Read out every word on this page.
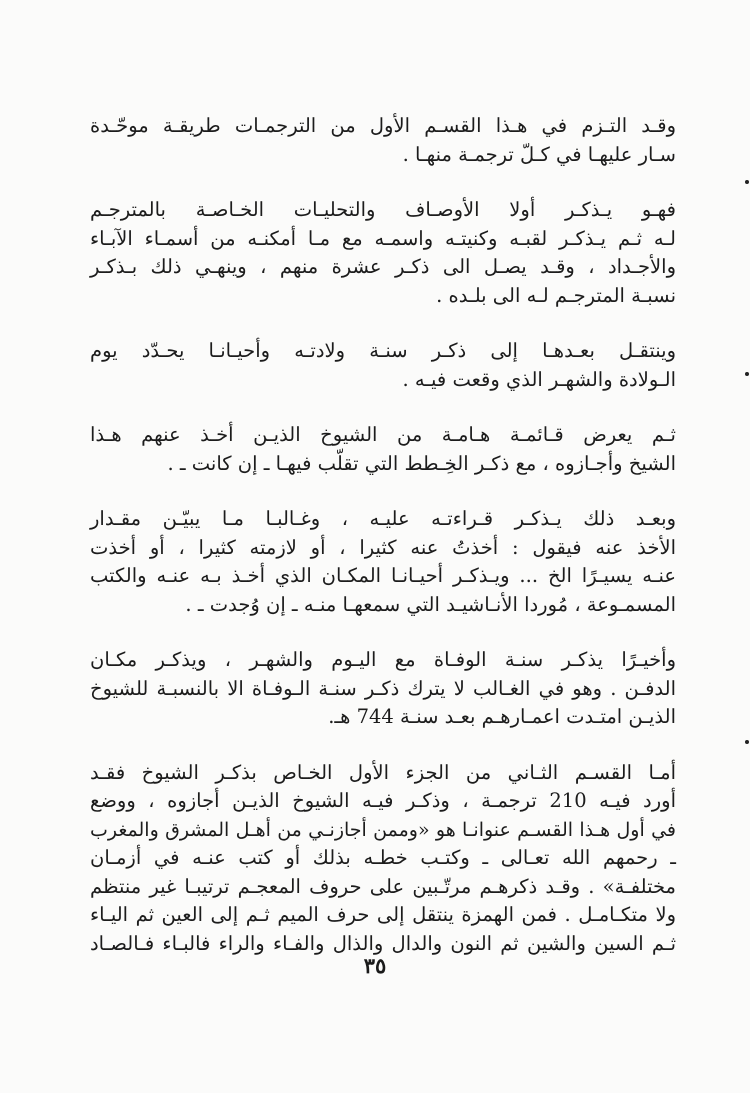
وقـد التـزم في هـذا القسـم الأول من الترجمـات طريقـة موحّـدة
سـار عليهـا في كـلّ ترجمـة منهـا .
فهـو يـذكـر أولا الأوصـاف والتحليـات الخـاصـة بالمترجـم
لـه ثـم يـذكـر لقبـه وكنيتـه واسمـه مع مـا أمكنـه من أسمـاء الآبـاء
والأجـداد ، وقـد يصـل الى ذكـر عشرة منهم ، وينهـي ذلك بـذكـر
نسبـة المترجـم لـه الى بلـده .
وينتقـل بعـدهـا إلى ذكـر سنـة ولادتـه وأحيـانـا يحـدّد يوم
الـولادة والشهـر الذي وقعت فيـه .
ثـم يعرض قـائمـة هـامـة من الشيوخ الذيـن أخـذ عنهم هـذا
الشيخ وأجـازوه ، مع ذكـر الخِـطط التي تقلّب فيهـا ـ إن كانت ـ .
وبعـد ذلك يـذكـر قـراءتـه عليـه ، وغـالبـا مـا يبيّـن مقـدار
الأخذ عنه فيقول : أخذتُ عنه كثيرا ، أو لازمته كثيرا ، أو أخذت
عنـه يسيـرًا الخ ... ويـذكـر أحيـانـا المكـان الذي أخـذ بـه عنـه والكتب
المسمـوعة ، مُوردا الأنـاشيـد التي سمعهـا منـه ـ إن وُجدت ـ .
وأخيـرًا يذكـر سنـة الوفـاة مع اليـوم والشهـر ، ويذكـر مكـان
الدفـن . وهو في الغـالب لا يترك ذكـر سنـة الـوفـاة الا بالنسبـة للشيوخ
الذيـن امتـدت اعمـارهـم بعـد سنـة 744 هـ.
أمـا القسـم الثـاني من الجزء الأول الخـاص بذكـر الشيوخ فقـد
أورد فيـه 210 ترجمـة ، وذكـر فيـه الشيوخ الذيـن أجازوه ، ووضع
في أول هـذا القسـم عنوانـا هو «وممن أجازنـي من أهـل المشرق والمغرب
ـ رحمهم الله تعـالى ـ وكتـب خطـه بذلك أو كتب عنـه في أزمـان
مختلفـة» . وقـد ذكرهـم مرتّـبين على حروف المعجـم ترتيبـا غير منتظم
ولا متكـامـل . فمن الهمزة ينتقل إلى حرف الميم ثـم إلى العين ثم اليـاء
ثـم السين والشين ثم النون والدال والذال والفـاء والراء فالبـاء فـالصـاد
٣٥
